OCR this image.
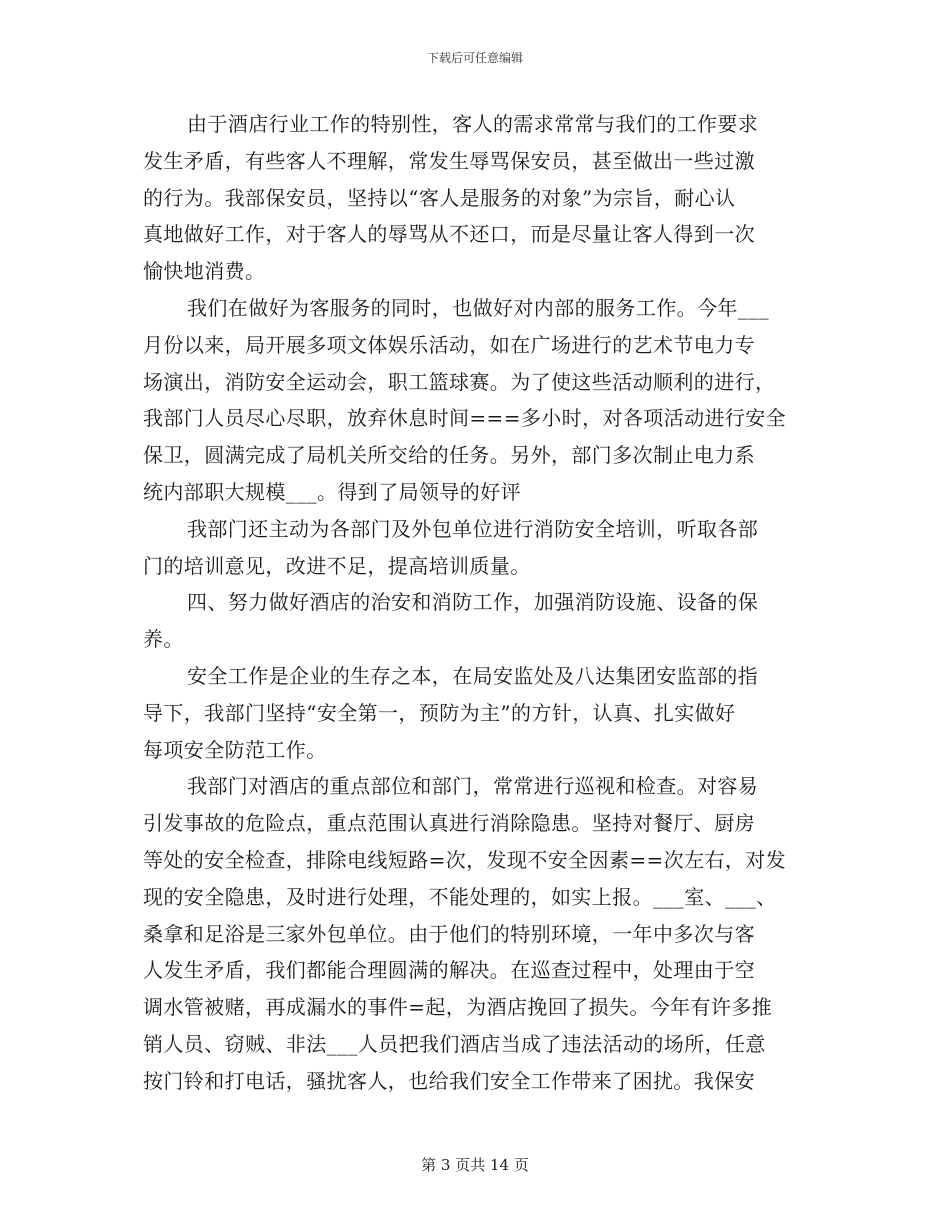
下载后可任意编辑
由于酒店行业工作的特别性，客人的需求常常与我们的工作要求
发生矛盾，有些客人不理解，常发生辱骂保安员，甚至做出一些过激
的行为。我部保安员，坚持以“客人是服务的对象”为宗旨，耐心认
真地做好工作，对于客人的辱骂从不还口，而是尽量让客人得到一次
愉快地消费。
我们在做好为客服务的同时，也做好对内部的服务工作。今年___
月份以来，局开展多项文体娱乐活动，如在广场进行的艺术节电力专
场演出，消防安全运动会，职工篮球赛。为了使这些活动顺利的进行，
我部门人员尽心尽职，放弃休息时间===多小时，对各项活动进行安全
保卫，圆满完成了局机关所交给的任务。另外，部门多次制止电力系
统内部职大规模___。得到了局领导的好评
我部门还主动为各部门及外包单位进行消防安全培训，听取各部
门的培训意见，改进不足，提高培训质量。
四、努力做好酒店的治安和消防工作，加强消防设施、设备的保
养。
安全工作是企业的生存之本，在局安监处及八达集团安监部的指
导下，我部门坚持“安全第一，预防为主”的方针，认真、扎实做好
每项安全防范工作。
我部门对酒店的重点部位和部门，常常进行巡视和检查。对容易
引发事故的危险点，重点范围认真进行消除隐患。坚持对餐厅、厨房
等处的安全检查，排除电线短路=次，发现不安全因素==次左右，对发
现的安全隐患，及时进行处理，不能处理的，如实上报。___室、___、
桑拿和足浴是三家外包单位。由于他们的特别环境，一年中多次与客
人发生矛盾，我们都能合理圆满的解决。在巡查过程中，处理由于空
调水管被赌，再成漏水的事件=起，为酒店挽回了损失。今年有许多推
销人员、窃贼、非法___人员把我们酒店当成了违法活动的场所，任意
按门铃和打电话，骚扰客人，也给我们安全工作带来了困扰。我保安
第 3 页共 14 页
